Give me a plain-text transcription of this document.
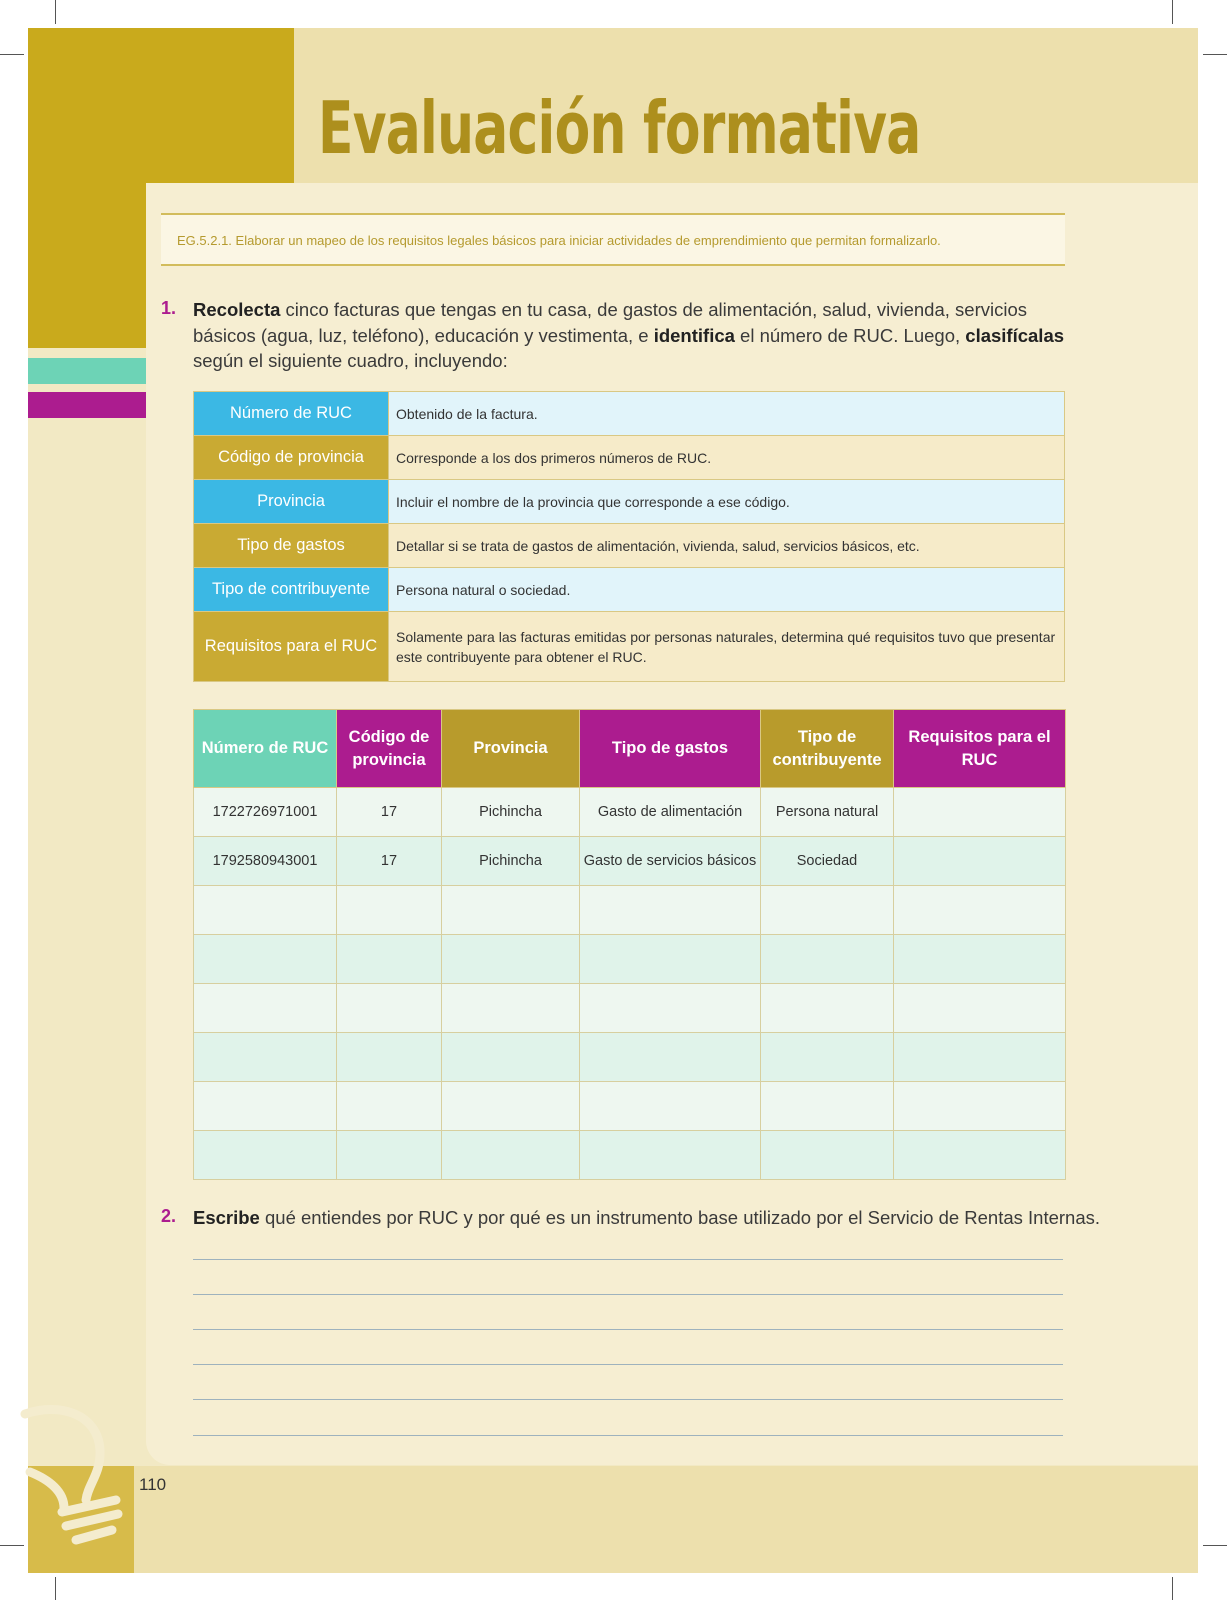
Evaluación formativa
110
EG.5.2.1. Elaborar un mapeo de los requisitos legales básicos para iniciar actividades de emprendimiento que permitan formalizarlo.
1. Recolecta cinco facturas que tengas en tu casa, de gastos de alimentación, salud, vivienda, servicios básicos (agua, luz, teléfono), educación y vestimenta, e identifica el número de RUC. Luego, clasifícalas según el siguiente cuadro, incluyendo:
Número de RUC	Obtenido de la factura.
Código de provincia	Corresponde a los dos primeros números de RUC.
Provincia	Incluir el nombre de la provincia que corresponde a ese código.
Tipo de gastos	Detallar si se trata de gastos de alimentación, vivienda, salud, servicios básicos, etc.
Tipo de contribuyente	Persona natural o sociedad.
Requisitos para el RUC	Solamente para las facturas emitidas por personas naturales, determina qué requisitos tuvo que presentar este contribuyente para obtener el RUC.
Número de RUC	Código de provincia	Provincia	Tipo de gastos	Tipo de contribuyente	Requisitos para el RUC
1722726971001	17	Pichincha	Gasto de alimentación	Persona natural	
1792580943001	17	Pichincha	Gasto de servicios básicos	Sociedad	

2. Escribe qué entiendes por RUC y por qué es un instrumento base utilizado por el Servicio de Rentas Internas.
